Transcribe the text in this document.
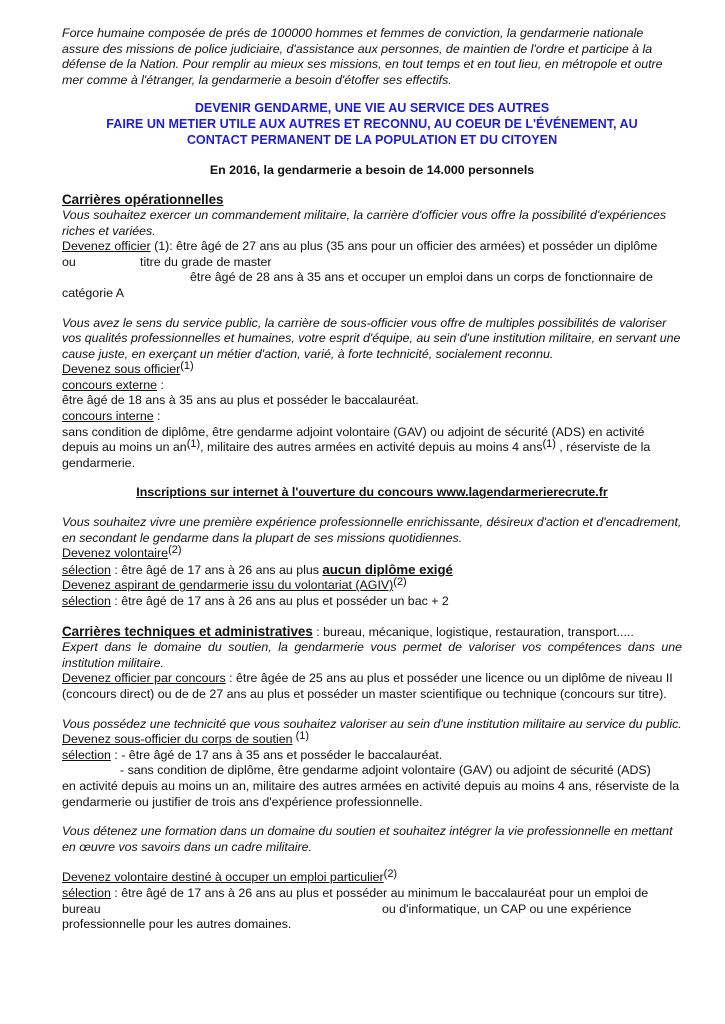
Force humaine composée de prés de 100000 hommes et femmes de conviction, la gendarmerie nationale assure des missions de police judiciaire, d'assistance aux personnes, de maintien de l'ordre et participe à la défense de la Nation. Pour remplir au mieux ses missions, en tout temps et en tout lieu, en métropole et outre mer comme à l'étranger, la gendarmerie a besoin d'étoffer ses effectifs.

DEVENIR GENDARME, UNE VIE AU SERVICE DES AUTRES

FAIRE UN METIER UTILE AUX AUTRES ET RECONNU, AU COEUR DE L'ÉVÉNEMENT, AU

CONTACT PERMANENT DE LA POPULATION ET DU CITOYEN

En 2016, la gendarmerie a besoin de 14.000 personnels

Carrières opérationnelles

Vous souhaitez exercer un commandement militaire, la carrière d'officier vous offre la possibilité d'expériences riches et variées.

Devenez officier (1): être âgé de 27 ans au plus (35 ans pour un officier des armées) et posséder un diplôme

ou	titre du grade de master

être âgé de 28 ans à 35 ans et occuper un emploi dans un corps de fonctionnaire de

catégorie A

Vous avez le sens du service public, la carrière de sous-officier vous offre de multiples possibilités de valoriser vos qualités professionnelles et humaines, votre esprit d'équipe, au sein d'une institution militaire, en servant une cause juste, en exerçant un métier d'action, varié, à forte technicité, socialement reconnu.

Devenez sous officier$^{(1)}$

concours externe :

être âgé de 18 ans à 35 ans au plus et posséder le baccalauréat.

concours interne :

sans condition de diplôme, être gendarme adjoint volontaire (GAV) ou adjoint de sécurité (ADS) en activité depuis au moins un $an^{(1)}$, militaire des autres armées en activité depuis au moins 4 ans$^{(1)}$ , réserviste de la gendarmerie.

Inscriptions sur internet à l'ouverture du concours www.lagendarmerierecrute.fr

Vous souhaitez vivre une première expérience professionnelle enrichissante, désireux d'action et d'encadrement,

en secondant le gendarme dans la plupart de ses missions quotidiennes.

Devenez volontaire$^{(2)}$

sélection : être âgé de 17 ans à 26 ans au plus aucun diplôme exigé

Devenez aspirant de gendarmerie issu du volontariat (AGIV)$^{(2)}$

sélection : être âgé de 17 ans à 26 ans au plus et posséder un bac + 2

Carrières techniques et administratives : bureau, mécanique, logistique, restauration, transport.....

Expert dans le domaine du soutien, la gendarmerie vous permet de valoriser vos compétences dans une institution militaire.

Devenez officier par concours : être âgée de 25 ans au plus et posséder une licence ou un diplôme de niveau II (concours direct) ou de de 27 ans au plus et posséder un master scientifique ou technique (concours sur titre).

Vous possédez une technicité que vous souhaitez valoriser au sein d'une institution militaire au service du public.

Devenez sous-officier du corps de soutien $^{(1)}$

sélection : - être âgé de 17 ans à 35 ans et posséder le baccalauréat.

- sans condition de diplôme, être gendarme adjoint volontaire (GAV) ou adjoint de sécurité (ADS)

en activité depuis au moins un an, militaire des autres armées en activité depuis au moins 4 ans, réserviste de la gendarmerie ou justifier de trois ans d'expérience professionnelle.

Vous détenez une formation dans un domaine du soutien et souhaitez intégrer la vie professionnelle en mettant en œuvre vos savoirs dans un cadre militaire.

Devenez volontaire destiné à occuper un emploi particulier$^{(2)}$

sélection : être âgé de 17 ans à 26 ans au plus et posséder au minimum le baccalauréat pour un emploi de

bureau	ou d'informatique, un CAP ou une expérience

professionnelle pour les autres domaines.
